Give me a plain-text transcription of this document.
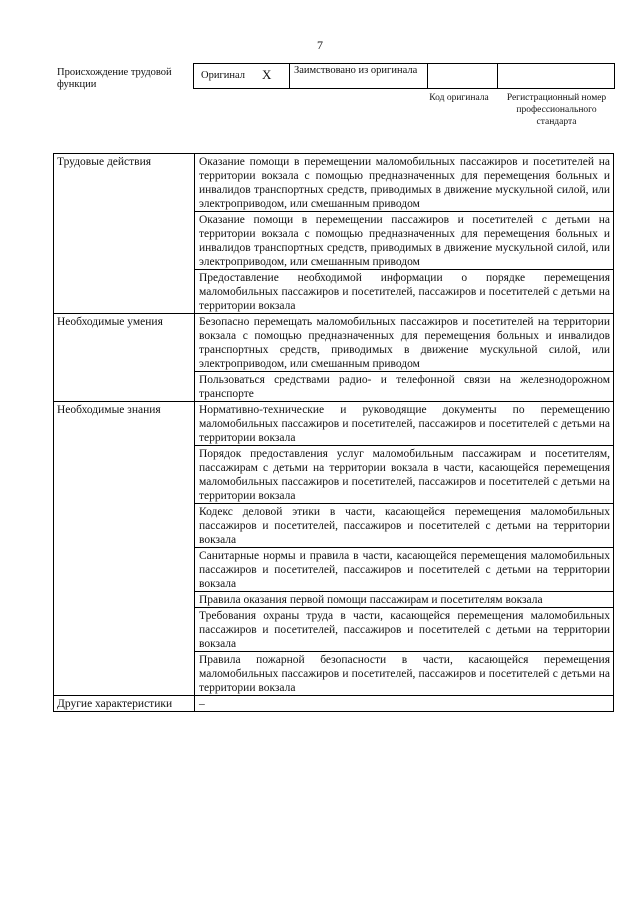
7
Происхождение трудовой функции
Оригинал X Заимствовано из оригинала
Код оригинала	Регистрационный номер профессионального стандарта
Трудовые действия	Оказание помощи в перемещении маломобильных пассажиров и посетителей на территории вокзала с помощью предназначенных для перемещения больных и инвалидов транспортных средств, приводимых в движение мускульной силой, или электроприводом, или смешанным приводом
	Оказание помощи в перемещении пассажиров и посетителей с детьми на территории вокзала с помощью предназначенных для перемещения больных и инвалидов транспортных средств, приводимых в движение мускульной силой, или электроприводом, или смешанным приводом
	Предоставление необходимой информации о порядке перемещения маломобильных пассажиров и посетителей, пассажиров и посетителей с детьми на территории вокзала
Необходимые умения	Безопасно перемещать маломобильных пассажиров и посетителей на территории вокзала с помощью предназначенных для перемещения больных и инвалидов транспортных средств, приводимых в движение мускульной силой, или электроприводом, или смешанным приводом
	Пользоваться средствами радио- и телефонной связи на железнодорожном транспорте
Необходимые знания	Нормативно-технические и руководящие документы по перемещению маломобильных пассажиров и посетителей, пассажиров и посетителей с детьми на территории вокзала
	Порядок предоставления услуг маломобильным пассажирам и посетителям, пассажирам с детьми на территории вокзала в части, касающейся перемещения маломобильных пассажиров и посетителей, пассажиров и посетителей с детьми на территории вокзала
	Кодекс деловой этики в части, касающейся перемещения маломобильных пассажиров и посетителей, пассажиров и посетителей с детьми на территории вокзала
	Санитарные нормы и правила в части, касающейся перемещения маломобильных пассажиров и посетителей, пассажиров и посетителей с детьми на территории вокзала
	Правила оказания первой помощи пассажирам и посетителям вокзала
	Требования охраны труда в части, касающейся перемещения маломобильных пассажиров и посетителей, пассажиров и посетителей с детьми на территории вокзала
	Правила пожарной безопасности в части, касающейся перемещения маломобильных пассажиров и посетителей, пассажиров и посетителей с детьми на территории вокзала
Другие характеристики	–
